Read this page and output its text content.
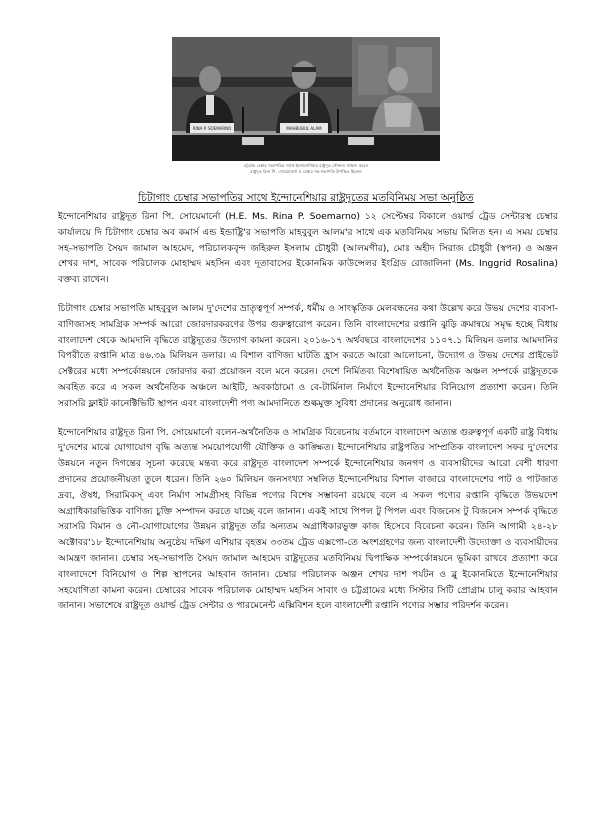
RINA P. SOEMARNO	MAHBUBUL ALAM
চট্টগ্রাম চেম্বার সভাপতির সাথে ইন্দোনেশিয়ার রাষ্ট্রদূত সৌজন্য সাক্ষাৎ করেন
রাষ্ট্রদূত রিনা পি. সোয়েমার্নো ও চেম্বার সহ-সভাপতি উপস্থিত ছিলেন
চিটাগাং চেম্বার সভাপতির সাথে ইন্দোনেশিয়ার রাষ্ট্রদূতের মতবিনিময় সভা অনুষ্ঠিত

ইন্দোনেশিয়ার রাষ্ট্রদূত রিনা পি. সোয়েমার্নো (H.E. Ms. Rina P. Soemarno) ১২ সেপ্টেম্বর বিকালে ওয়ার্ল্ড ট্রেড সেন্টারস্থ চেম্বার কার্যালয়ে দি চিটাগাং চেম্বার অব কমার্স এন্ড ইন্ডাষ্ট্রি'র সভাপতি মাহবুবুল আলম'র সাথে এক মতবিনিময় সভায় মিলিত হন। এ সময় চেম্বার সহ-সভাপতি সৈয়দ জামাল আহমেদ, পরিচালকবৃন্দ জহিরুল ইসলাম চৌধুরী (আলমগীর), মোঃ অহীদ সিরাজ চৌধুরী (স্বপন) ও অঞ্জন শেখর দাশ, সাবেক পরিচালক মোহাম্মদ মহসিন এবং দূতাবাসের ইকোনমিক কাউন্সেলর ইংগ্রিড রোজালিনা (Ms. Inggrid Rosalina) বক্তব্য রাখেন।

চিটাগাং চেম্বার সভাপতি মাহবুবুল আলম দু'দেশের ভ্রাতৃত্বপূর্ণ সম্পর্ক, ধর্মীয় ও সাংস্কৃতিক মেলবন্ধনের কথা উল্লেখ করে উভয় দেশের ব্যবসা-বাণিজ্যসহ সামগ্রিক সম্পর্ক আরো জোরদারকরণের উপর গুরুত্বারোপ করেন। তিনি বাংলাদেশের রপ্তানি ঝুড়ি ক্রমান্বয়ে সমৃদ্ধ হচ্ছে বিধায় বাংলাদেশ থেকে আমদানি বৃদ্ধিতে রাষ্ট্রদূতের উদ্যোগ কামনা করেন। ২০১৬-১৭ অর্থবছরে বাংলাদেশের ১১০৭.১ মিলিয়ন ডলার আমদানির বিপরীতে রপ্তানি মাত্র ৪৬.৩৯ মিলিয়ন ডলার। এ বিশাল বাণিজ্য ঘাটতি হ্রাস করতে আরো আলোচনা, উদ্যোগ ও উভয় দেশের প্রাইভেট সেক্টরের মধ্যে সম্পর্কোন্নয়নে জোরদার করা প্রয়োজন বলে মনে করেন। দেশে নির্মিতব্য বিশেষায়িত অর্থনৈতিক অঞ্চল সম্পর্কে রাষ্ট্রদূতকে অবহিত করে এ সকল অর্থনৈতিক অঞ্চলে আইটি, অবকাঠামো ও বে-টার্মিনাল নির্মাণে ইন্দোনেশিয়ার বিনিয়োগ প্রত্যাশা করেন। তিনি সরাসরি ফ্লাইট কানেক্টিভিটি স্থাপন এবং বাংলাদেশী পণ্য আমদানিতে শুল্কমুক্ত সুবিধা প্রদানের অনুরোধ জানান।

ইন্দোনেশিয়ার রাষ্ট্রদূত রিনা পি. সোয়েমার্নো বলেন-অর্থনৈতিক ও সামগ্রিক বিবেচনায় বর্তমানে বাংলাদেশ অত্যন্ত গুরুত্বপূর্ণ একটি রাষ্ট্র বিধায় দু'দেশের মাঝে যোগাযোগ বৃদ্ধি অত্যন্ত সময়োপযোগী যৌক্তিক ও কাঙ্ক্ষিত। ইন্দোনেশিয়ার রাষ্ট্রপতির সাম্প্রতিক বাংলাদেশ সফর দু'দেশের উন্নয়নে নতুন দিগন্তের সূচনা করেছে মন্তব্য করে রাষ্ট্রদূত বাংলাদেশ সম্পর্কে ইন্দোনেশিয়ার জনগণ ও ব্যবসায়ীদের আরো বেশী ধারণা প্রদানের প্রয়োজনীয়তা তুলে ধরেন। তিনি ২৬০ মিলিয়ন জনসংখ্যা সম্বলিত ইন্দোনেশিয়ার বিশাল বাজারে বাংলাদেশের পাট ও পাটজাত দ্রব্য, ঔষধ, সিরামিকস্ এবং নির্মাণ সামগ্রীসহ বিভিন্ন পণ্যের বিশেষ সম্ভাবনা রয়েছে বলে এ সকল পণ্যের রপ্তানি বৃদ্ধিতে উভয়দেশ অগ্রাধিকারভিত্তিক বাণিজ্য চুক্তি সম্পাদন করতে যাচ্ছে বলে জানান। একই সাথে পিপল টু পিপল এবং বিজনেস টু বিজনেস সম্পর্ক বৃদ্ধিতে সরাসরি বিমান ও নৌ-যোগাযোগের উন্নয়ন রাষ্ট্রদূত তাঁর অন্যতম অগ্রাধিকারভুক্ত কাজ হিসেবে বিবেচনা করেন। তিনি আগামী ২৪-২৮ অক্টোবর'১৮ ইন্দোনেশিয়ায় অনুষ্ঠেয় দক্ষিণ এশিয়ার বৃহত্তম ৩৩তম ট্রেড এক্সপো-তে অংশগ্রহণের জন্য বাংলাদেশী উদ্যোক্তা ও ব্যবসায়ীদের আমন্ত্রণ জানান। চেম্বার সহ-সভাপতি সৈয়দ জামাল আহমেদ রাষ্ট্রদূতের মতবিনিময় দ্বিপাক্ষিক সম্পর্কোন্নয়নে ভূমিকা রাখবে প্রত্যাশা করে বাংলাদেশে বিনিয়োগ ও শিল্প স্থাপনের আহবান জানান। চেম্বার পরিচালক অঞ্জন শেখর দাশ পর্যটন ও ব্লু ইকোনমিতে ইন্দোনেশিয়ার সহযোগিতা কামনা করেন। চেম্বারের সাবেক পরিচালক মোহাম্মদ মহসিন সাবাং ও চট্টগ্রামের মধ্যে সিস্টার সিটি প্রোগ্রাম চালু করার আহবান জানান। সভাশেষে রাষ্ট্রদূত ওয়ার্ল্ড ট্রেড সেন্টার ও পারমেনেন্ট এক্সিবিশন হলে বাংলাদেশী রপ্তানি পণ্যের সম্ভার পরিদর্শন করেন।
